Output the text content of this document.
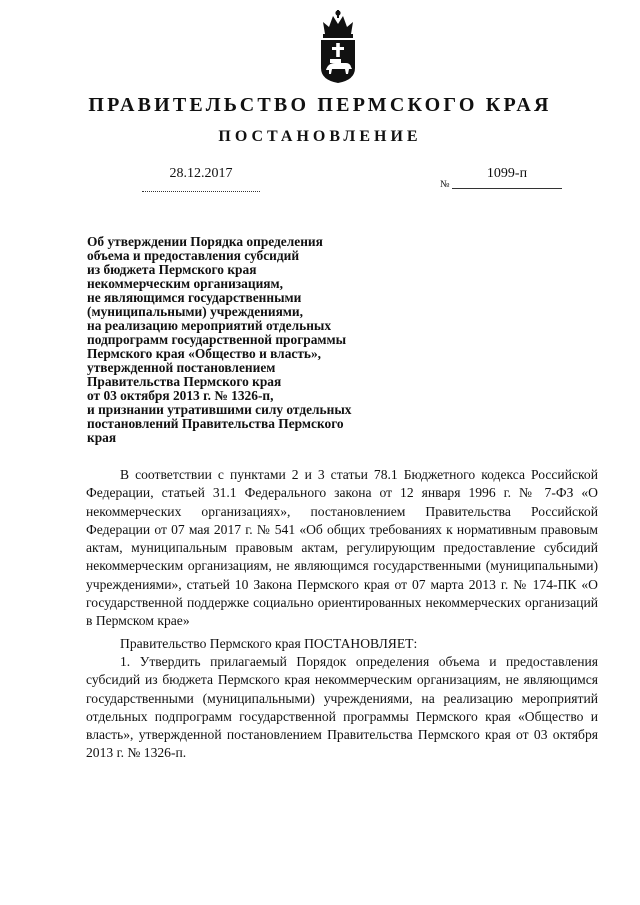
ПРАВИТЕЛЬСТВО ПЕРМСКОГО КРАЯ
ПОСТАНОВЛЕНИЕ
28.12.2017
№
1099-п

Об утверждении Порядка определения
объема и предоставления субсидий
из бюджета Пермского края
некоммерческим организациям,
не являющимся государственными
(муниципальными) учреждениями,
на реализацию мероприятий отдельных
подпрограмм государственной программы
Пермского края «Общество и власть»,
утвержденной постановлением
Правительства Пермского края
от 03 октября 2013 г. № 1326-п,
и признании утратившими силу отдельных
постановлений Правительства Пермского
края

В соответствии с пунктами 2 и 3 статьи 78.1 Бюджетного кодекса Российской Федерации, статьей 31.1 Федерального закона от 12 января 1996 г. № 7-ФЗ «О некоммерческих организациях», постановлением Правительства Российской Федерации от 07 мая 2017 г. № 541 «Об общих требованиях к нормативным правовым актам, муниципальным правовым актам, регулирующим предоставление субсидий некоммерческим организациям, не являющимся государственными (муниципальными) учреждениями», статьей 10 Закона Пермского края от 07 марта 2013 г. № 174-ПК «О государственной поддержке социально ориентированных некоммерческих организаций в Пермском крае»

Правительство Пермского края ПОСТАНОВЛЯЕТ:

1. Утвердить прилагаемый Порядок определения объема и предоставления субсидий из бюджета Пермского края некоммерческим организациям, не являющимся государственными (муниципальными) учреждениями, на реализацию мероприятий отдельных подпрограмм государственной программы Пермского края «Общество и власть», утвержденной постановлением Правительства Пермского края от 03 октября 2013 г. № 1326-п.
